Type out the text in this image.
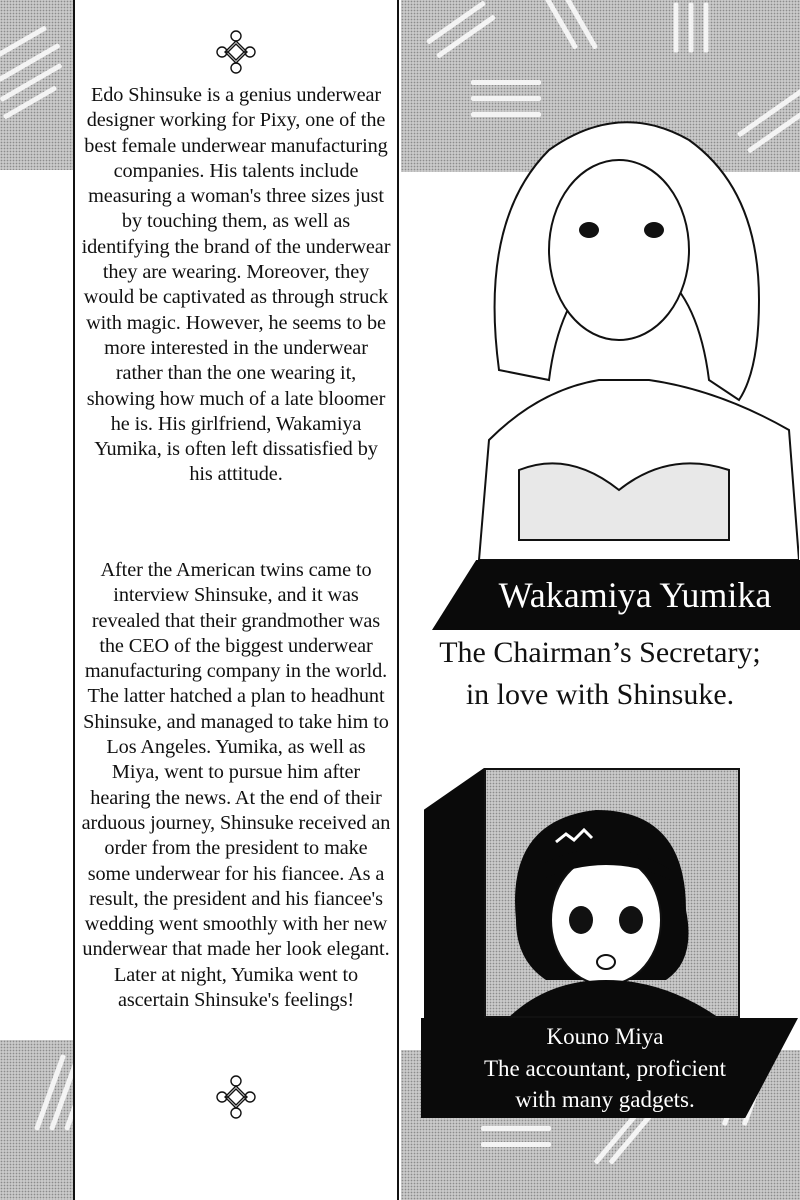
Edo Shinsuke is a genius underwear designer working for Pixy, one of the best female underwear manufacturing companies. His talents include measuring a woman's three sizes just by touching them, as well as identifying the brand of the underwear they are wearing. Moreover, they would be captivated as through struck with magic. However, he seems to be more interested in the underwear rather than the one wearing it, showing how much of a late bloomer he is. His girlfriend, Wakamiya Yumika, is often left dissatisfied by his attitude.
After the American twins came to interview Shinsuke, and it was revealed that their grandmother was the CEO of the biggest underwear manufacturing company in the world. The latter hatched a plan to headhunt Shinsuke, and managed to take him to Los Angeles. Yumika, as well as Miya, went to pursue him after hearing the news. At the end of their arduous journey, Shinsuke received an order from the president to make some underwear for his fiancee. As a result, the president and his fiancee's wedding went smoothly with her new underwear that made her look elegant. Later at night, Yumika went to ascertain Shinsuke's feelings!
Wakamiya Yumika
The Chairman’s Secretary;
in love with Shinsuke.
Kouno Miya
The accountant, proficient
with many gadgets.
